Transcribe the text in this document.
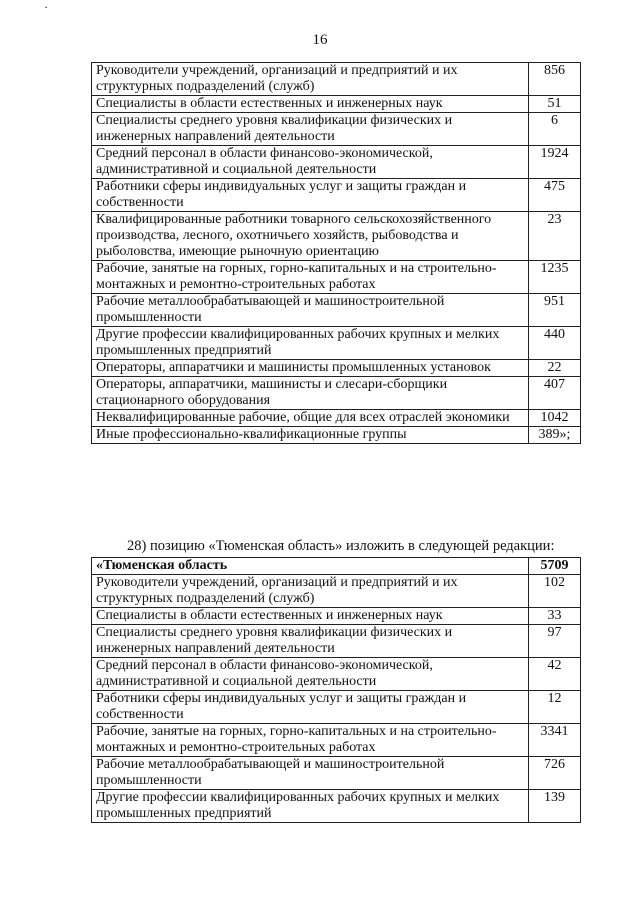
·
16
Руководители учреждений, организаций и предприятий и их структурных подразделений (служб)	856
Специалисты в области естественных и инженерных наук	51
Специалисты среднего уровня квалификации физических и инженерных направлений деятельности	6
Средний персонал в области финансово-экономической, административной и социальной деятельности	1924
Работники сферы индивидуальных услуг и защиты граждан и собственности	475
Квалифицированные работники товарного сельскохозяйственного производства, лесного, охотничьего хозяйств, рыбоводства и рыболовства, имеющие рыночную ориентацию	23
Рабочие, занятые на горных, горно-капитальных и на строительно-монтажных и ремонтно-строительных работах	1235
Рабочие металлообрабатывающей и машиностроительной промышленности	951
Другие профессии квалифицированных рабочих крупных и мелких промышленных предприятий	440
Операторы, аппаратчики и машинисты промышленных установок	22
Операторы, аппаратчики, машинисты и слесари-сборщики стационарного оборудования	407
Неквалифицированные рабочие, общие для всех отраслей экономики	1042
Иные профессионально-квалификационные группы	389»;
28) позицию «Тюменская область» изложить в следующей редакции:
«Тюменская область	5709
Руководители учреждений, организаций и предприятий и их структурных подразделений (служб)	102
Специалисты в области естественных и инженерных наук	33
Специалисты среднего уровня квалификации физических и инженерных направлений деятельности	97
Средний персонал в области финансово-экономической, административной и социальной деятельности	42
Работники сферы индивидуальных услуг и защиты граждан и собственности	12
Рабочие, занятые на горных, горно-капитальных и на строительно-монтажных и ремонтно-строительных работах	3341
Рабочие металлообрабатывающей и машиностроительной промышленности	726
Другие профессии квалифицированных рабочих крупных и мелких промышленных предприятий	139
